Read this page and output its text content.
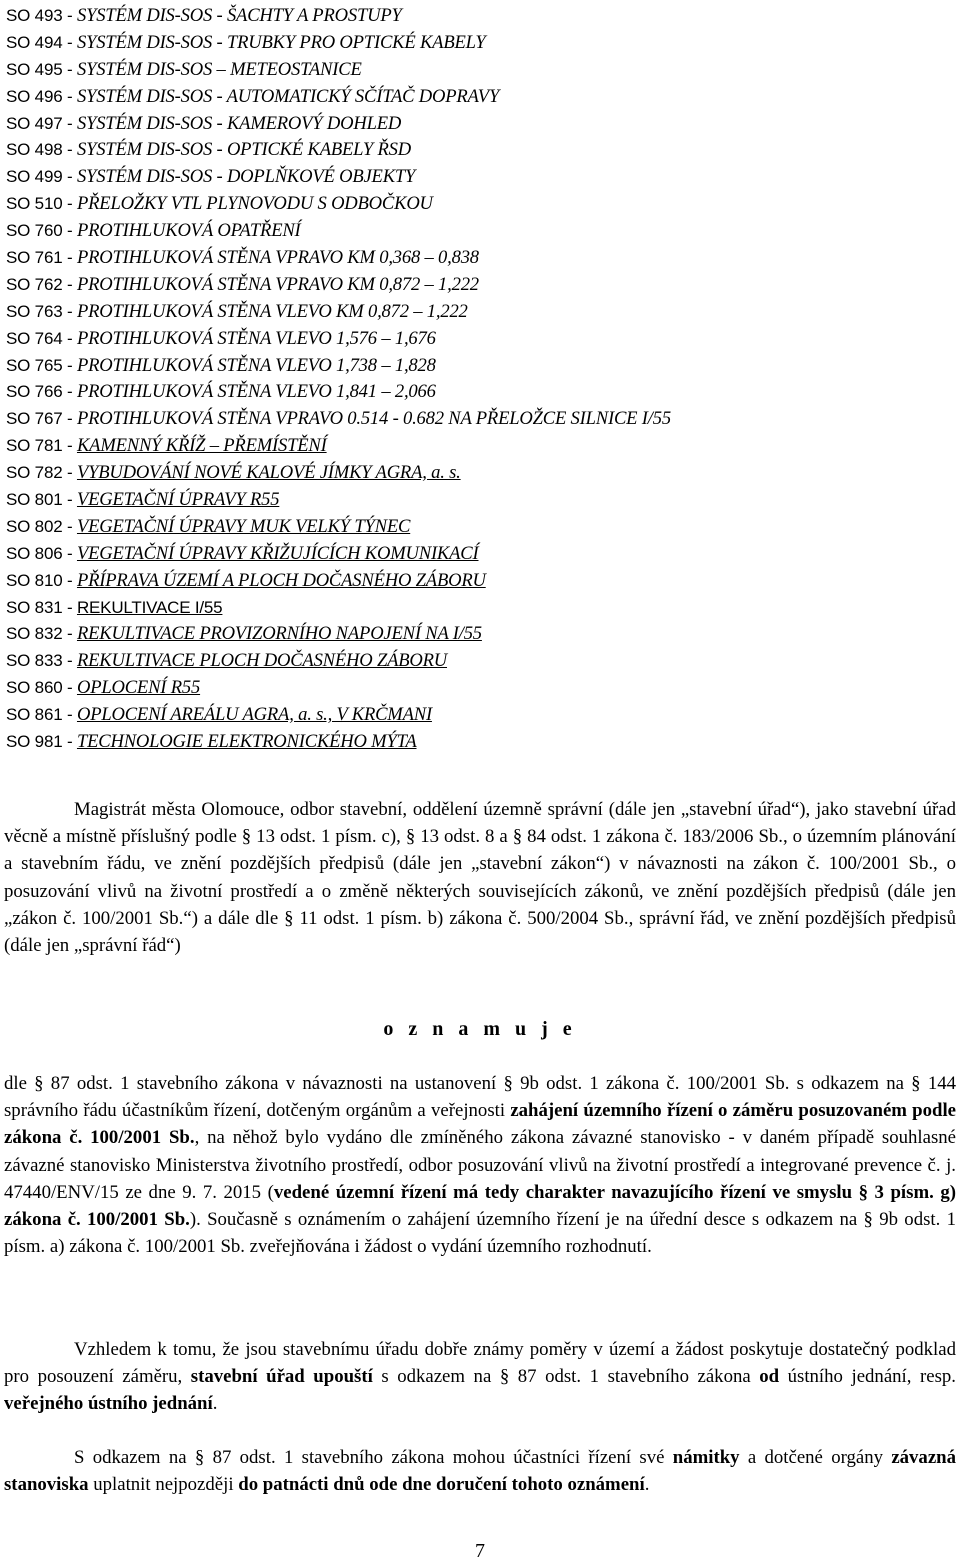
SO 493 - SYSTÉM DIS-SOS - ŠACHTY A PROSTUPY
SO 494 - SYSTÉM DIS-SOS - TRUBKY PRO OPTICKÉ KABELY
SO 495 - SYSTÉM DIS-SOS – METEOSTANICE
SO 496 - SYSTÉM DIS-SOS - AUTOMATICKÝ SČÍTAČ DOPRAVY
SO 497 - SYSTÉM DIS-SOS - KAMEROVÝ DOHLED
SO 498 - SYSTÉM DIS-SOS - OPTICKÉ KABELY ŘSD
SO 499 - SYSTÉM DIS-SOS - DOPLŇKOVÉ OBJEKTY
SO 510 - PŘELOŽKY VTL PLYNOVODU S ODBOČKOU
SO 760 - PROTIHLUKOVÁ OPATŘENÍ
SO 761 - PROTIHLUKOVÁ STĚNA VPRAVO KM 0,368 – 0,838
SO 762 - PROTIHLUKOVÁ STĚNA VPRAVO KM 0,872 – 1,222
SO 763 - PROTIHLUKOVÁ STĚNA VLEVO KM 0,872 – 1,222
SO 764 - PROTIHLUKOVÁ STĚNA VLEVO 1,576 – 1,676
SO 765 - PROTIHLUKOVÁ STĚNA VLEVO 1,738 – 1,828
SO 766 - PROTIHLUKOVÁ STĚNA VLEVO 1,841 – 2,066
SO 767 - PROTIHLUKOVÁ STĚNA VPRAVO 0.514 - 0.682 NA PŘELOŽCE SILNICE I/55
SO 781 - KAMENNÝ KŘÍŽ – PŘEMÍSTĚNÍ
SO 782 - VYBUDOVÁNÍ NOVÉ KALOVÉ JÍMKY AGRA, a. s.
SO 801 - VEGETAČNÍ ÚPRAVY R55
SO 802 - VEGETAČNÍ ÚPRAVY MUK VELKÝ TÝNEC
SO 806 - VEGETAČNÍ ÚPRAVY KŘIŽUJÍCÍCH KOMUNIKACÍ
SO 810 - PŘÍPRAVA ÚZEMÍ A PLOCH DOČASNÉHO ZÁBORU
SO 831 - REKULTIVACE I/55
SO 832 - REKULTIVACE PROVIZORNÍHO NAPOJENÍ NA I/55
SO 833 - REKULTIVACE PLOCH DOČASNÉHO ZÁBORU
SO 860 - OPLOCENÍ R55
SO 861 - OPLOCENÍ AREÁLU AGRA, a. s., V KRČMANI
SO 981 - TECHNOLOGIE ELEKTRONICKÉHO MÝTA

Magistrát města Olomouce, odbor stavební, oddělení územně správní (dále jen „stavební úřad“), jako stavební úřad věcně a místně příslušný podle § 13 odst. 1 písm. c), § 13 odst. 8 a § 84 odst. 1 zákona č. 183/2006 Sb., o územním plánování a stavebním řádu, ve znění pozdějších předpisů (dále jen „stavební zákon“) v návaznosti na zákon č. 100/2001 Sb., o posuzování vlivů na životní prostředí a o změně některých souvisejících zákonů, ve znění pozdějších předpisů (dále jen „zákon č. 100/2001 Sb.“) a dále dle § 11 odst. 1 písm. b) zákona č. 500/2004 Sb., správní řád, ve znění pozdějších předpisů (dále jen „správní řád“)

o z n a m u j e

dle § 87 odst. 1 stavebního zákona v návaznosti na ustanovení § 9b odst. 1 zákona č. 100/2001 Sb. s odkazem na § 144 správního řádu účastníkům řízení, dotčeným orgánům a veřejnosti zahájení územního řízení o záměru posuzovaném podle zákona č. 100/2001 Sb., na něhož bylo vydáno dle zmíněného zákona závazné stanovisko - v daném případě souhlasné závazné stanovisko Ministerstva životního prostředí, odbor posuzování vlivů na životní prostředí a integrované prevence č. j. 47440/ENV/15 ze dne 9. 7. 2015 (vedené územní řízení má tedy charakter navazujícího řízení ve smyslu § 3 písm. g) zákona č. 100/2001 Sb.). Současně s oznámením o zahájení územního řízení je na úřední desce s odkazem na § 9b odst. 1 písm. a) zákona č. 100/2001 Sb. zveřejňována i žádost o vydání územního rozhodnutí.

Vzhledem k tomu, že jsou stavebnímu úřadu dobře známy poměry v území a žádost poskytuje dostatečný podklad pro posouzení záměru, stavební úřad upouští s odkazem na § 87 odst. 1 stavebního zákona od ústního jednání, resp. veřejného ústního jednání.

S odkazem na § 87 odst. 1 stavebního zákona mohou účastníci řízení své námitky a dotčené orgány závazná stanoviska uplatnit nejpozději do patnácti dnů ode dne doručení tohoto oznámení.

7
